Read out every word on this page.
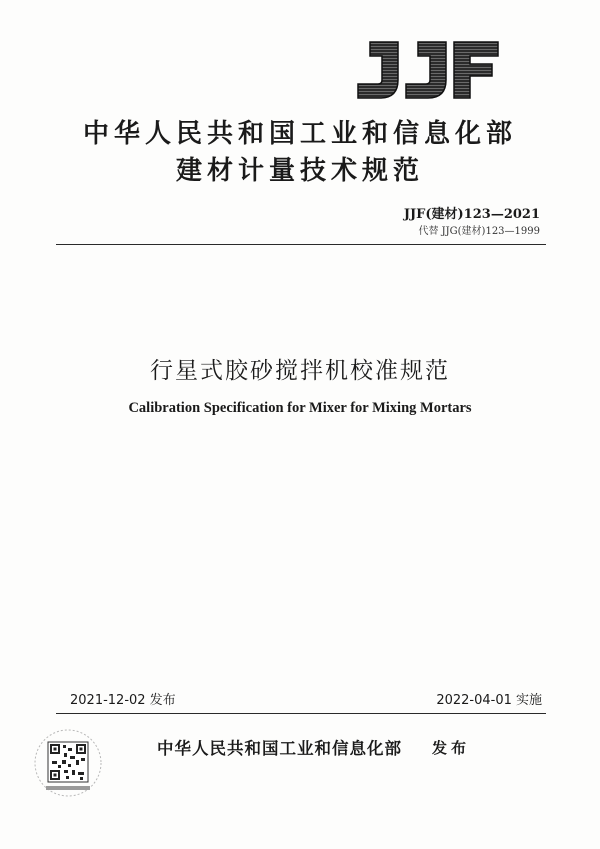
中华人民共和国工业和信息化部
建材计量技术规范
JJF(建材)123—2021
代替 JJG(建材)123—1999
行星式胶砂搅拌机校准规范
Calibration Specification for Mixer for Mixing Mortars
2021-12-02 发布	2022-04-01 实施
中华人民共和国工业和信息化部 发布
